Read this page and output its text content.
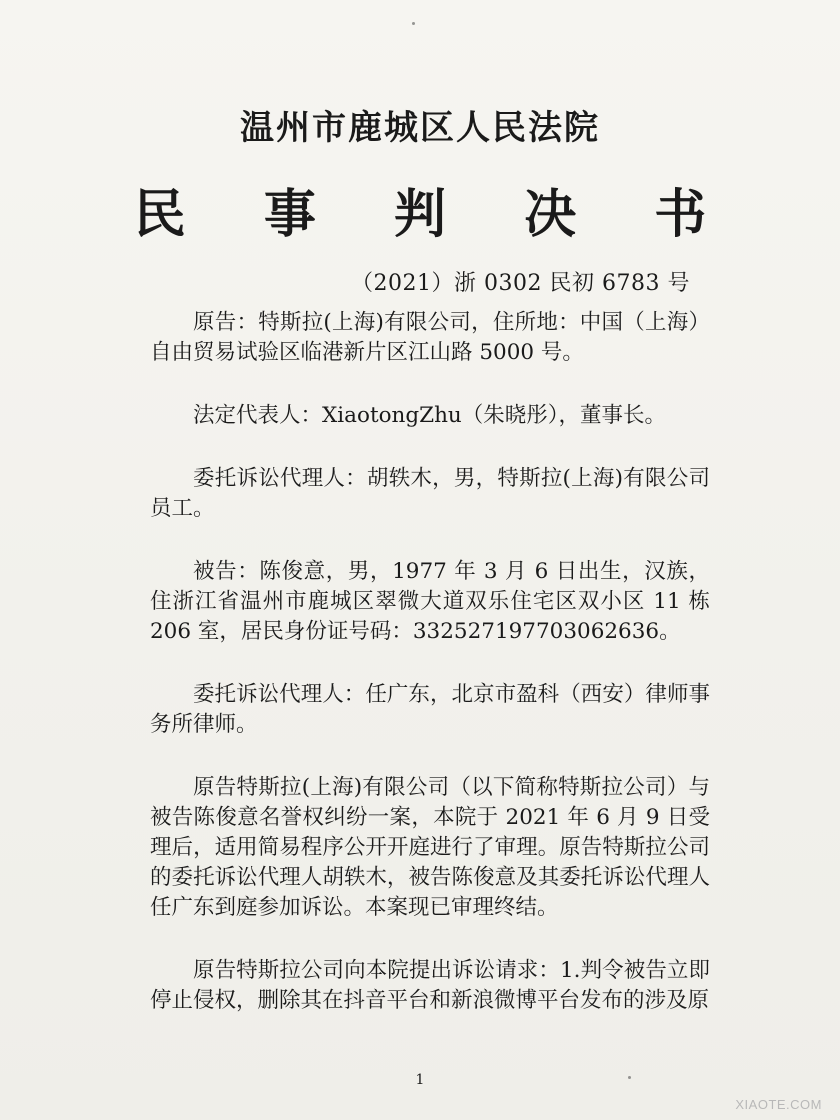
温州市鹿城区人民法院
民 事 判 决 书
（2021）浙 0302 民初 6783 号

原告：特斯拉(上海)有限公司，住所地：中国（上海）自由贸易试验区临港新片区江山路 5000 号。

法定代表人：XiaotongZhu（朱晓彤），董事长。

委托诉讼代理人：胡轶木，男，特斯拉(上海)有限公司员工。

被告：陈俊意，男，1977 年 3 月 6 日出生，汉族，住浙江省温州市鹿城区翠微大道双乐住宅区双小区 11 栋 206 室，居民身份证号码：332527197703062636。

委托诉讼代理人：任广东，北京市盈科（西安）律师事务所律师。

原告特斯拉(上海)有限公司（以下简称特斯拉公司）与被告陈俊意名誉权纠纷一案，本院于 2021 年 6 月 9 日受理后，适用简易程序公开开庭进行了审理。原告特斯拉公司的委托诉讼代理人胡轶木，被告陈俊意及其委托诉讼代理人任广东到庭参加诉讼。本案现已审理终结。

原告特斯拉公司向本院提出诉讼请求：1.判令被告立即停止侵权，删除其在抖音平台和新浪微博平台发布的涉及原

1
XIAOTE.COM
